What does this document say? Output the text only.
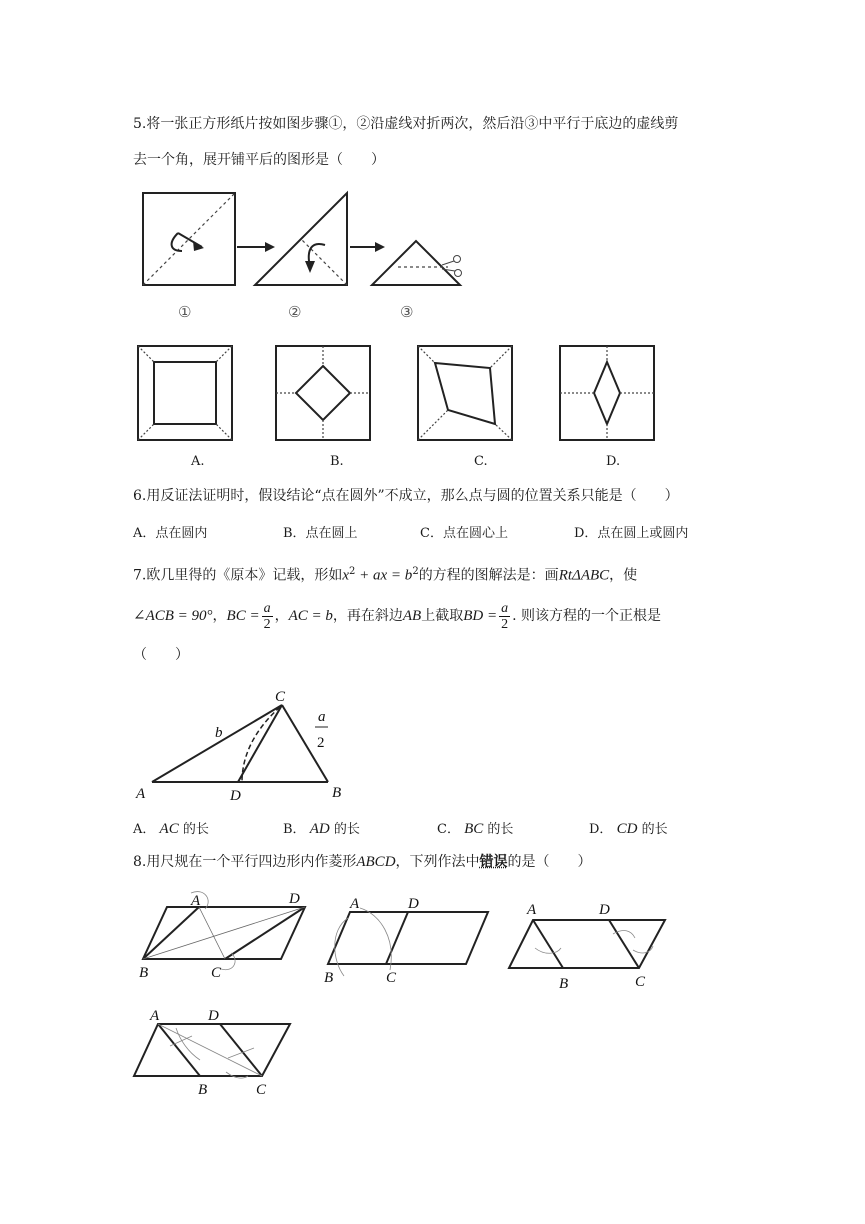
5.将一张正方形纸片按如图步骤①，②沿虚线对折两次，然后沿③中平行于底边的虚线剪
去一个角，展开铺平后的图形是（　　）
①	②	③
A.	B.	C.	D.
6.用反证法证明时，假设结论“点在圆外”不成立，那么点与圆的位置关系只能是（　　）
A．点在圆内	B．点在圆上	C．点在圆心上	D．点在圆上或圆内
7.欧几里得的《原本》记载，形如$x^2$ + ax = $b^2$的方程的图解法是：画RtΔABC，使
∠ACB = 90°，BC = $\frac{a}{2}$ ，AC = b，再在斜边AB上截取BD = $\frac{a}{2}$ . 则该方程的一个正根是
（　　）
C
A	D	B
b
a
2
A． AC 的长	B． AD 的长	C． BC 的长	D． CD 的长
8.用尺规在一个平行四边形内作菱形ABCD，下列作法中错误的是（　　）
A	D
B	C
A	D
B	C
A	D
B	C
A	D
B	C
